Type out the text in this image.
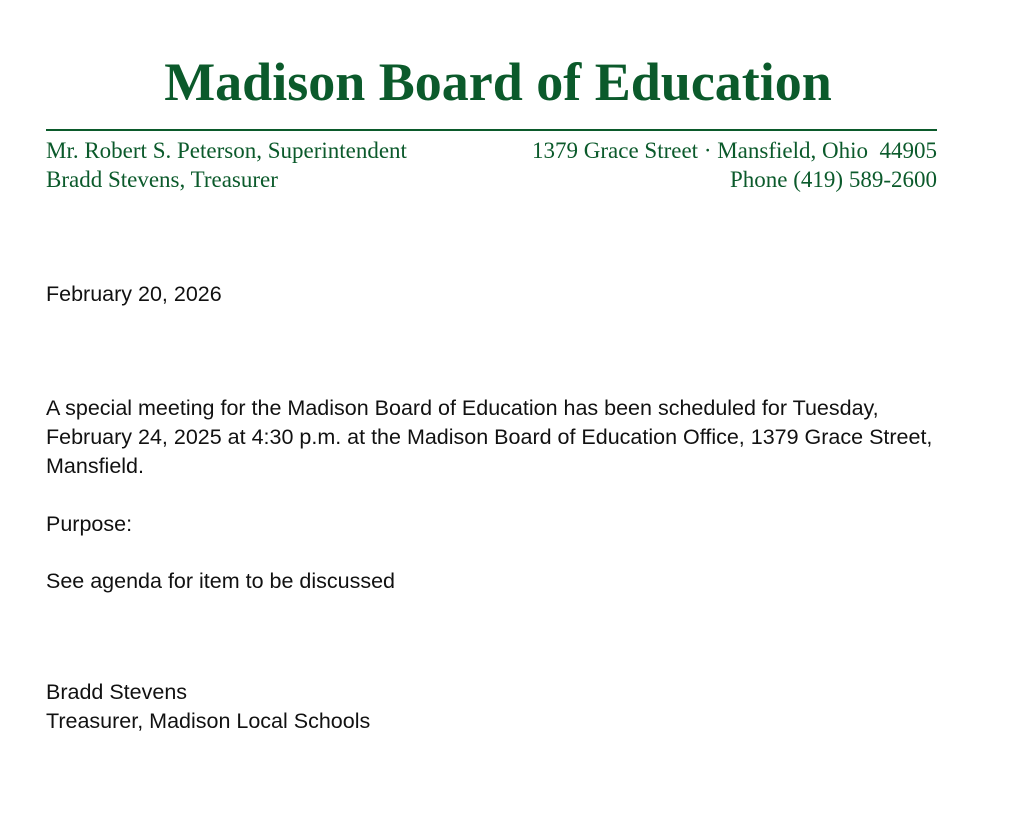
Madison Board of Education
Mr. Robert S. Peterson, Superintendent	1379 Grace Street · Mansfield, Ohio  44905
Bradd Stevens, Treasurer	Phone (419) 589-2600
February 20, 2026
A special meeting for the Madison Board of Education has been scheduled for Tuesday, February 24, 2025 at 4:30 p.m. at the Madison Board of Education Office, 1379 Grace Street, Mansfield.
Purpose:
See agenda for item to be discussed
Bradd Stevens
Treasurer, Madison Local Schools
